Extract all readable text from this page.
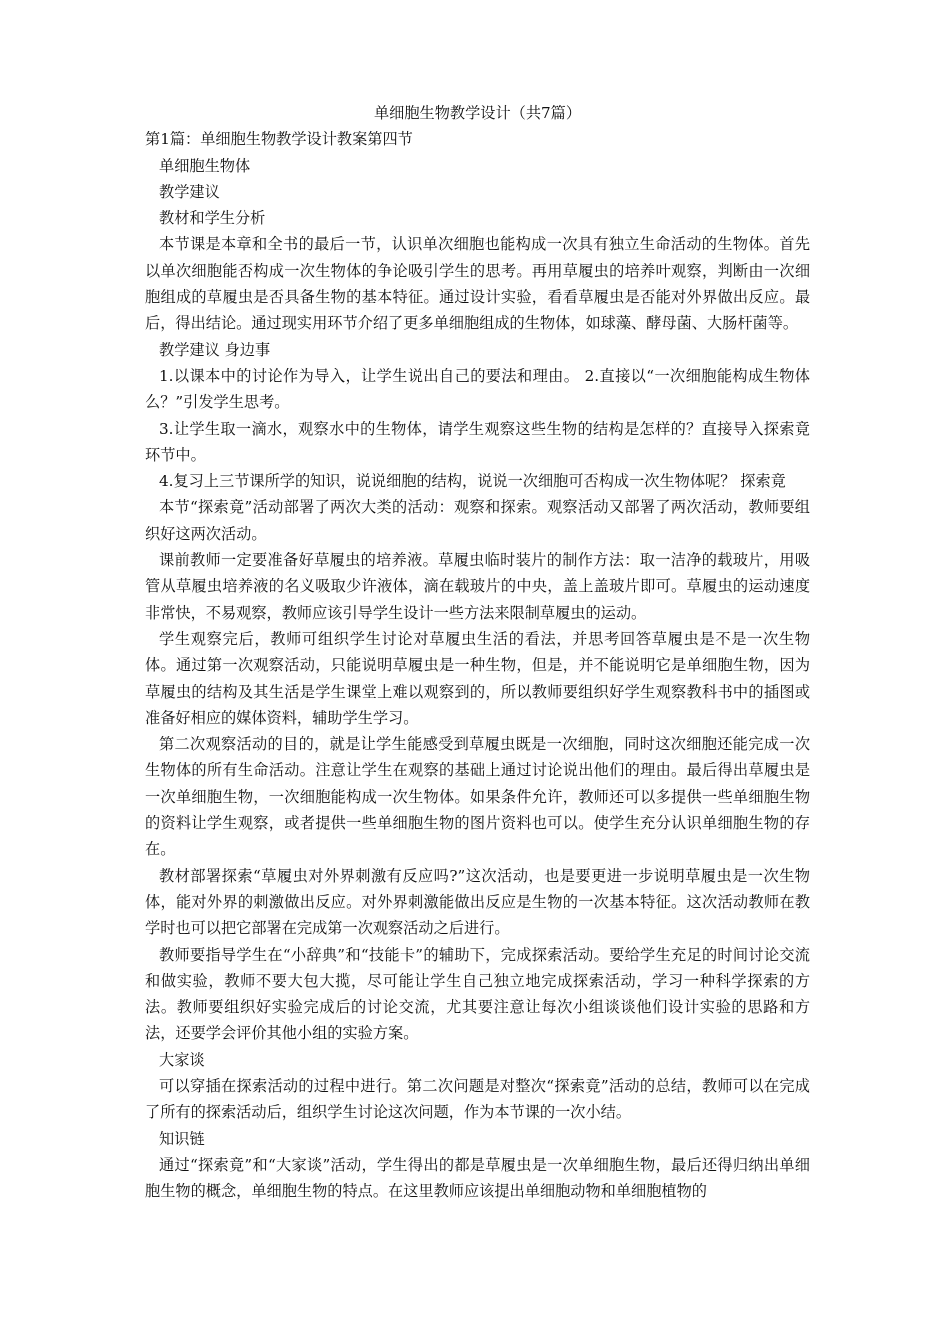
单细胞生物教学设计（共7篇）

第1篇：单细胞生物教学设计教案第四节

单细胞生物体

教学建议

教材和学生分析

本节课是本章和全书的最后一节，认识单次细胞也能构成一次具有独立生命活动的生物体。首先以单次细胞能否构成一次生物体的争论吸引学生的思考。再用草履虫的培养叶观察，判断由一次细胞组成的草履虫是否具备生物的基本特征。通过设计实验，看看草履虫是否能对外界做出反应。最后，得出结论。通过现实用环节介绍了更多单细胞组成的生物体，如球藻、酵母菌、大肠杆菌等。

教学建议 身边事

1.以课本中的讨论作为导入，让学生说出自己的要法和理由。 2.直接以“一次细胞能构成生物体么？”引发学生思考。

3.让学生取一滴水，观察水中的生物体，请学生观察这些生物的结构是怎样的？直接导入探索竟环节中。

4.复习上三节课所学的知识，说说细胞的结构，说说一次细胞可否构成一次生物体呢？ 探索竟

本节“探索竟”活动部署了两次大类的活动：观察和探索。观察活动又部署了两次活动，教师要组织好这两次活动。

课前教师一定要准备好草履虫的培养液。草履虫临时装片的制作方法：取一洁净的载玻片，用吸管从草履虫培养液的名义吸取少许液体，滴在载玻片的中央，盖上盖玻片即可。草履虫的运动速度非常快，不易观察，教师应该引导学生设计一些方法来限制草履虫的运动。

学生观察完后，教师可组织学生讨论对草履虫生活的看法，并思考回答草履虫是不是一次生物体。通过第一次观察活动，只能说明草履虫是一种生物，但是，并不能说明它是单细胞生物，因为草履虫的结构及其生活是学生课堂上难以观察到的，所以教师要组织好学生观察教科书中的插图或准备好相应的媒体资料，辅助学生学习。

第二次观察活动的目的，就是让学生能感受到草履虫既是一次细胞，同时这次细胞还能完成一次生物体的所有生命活动。注意让学生在观察的基础上通过讨论说出他们的理由。最后得出草履虫是一次单细胞生物，一次细胞能构成一次生物体。如果条件允许，教师还可以多提供一些单细胞生物的资料让学生观察，或者提供一些单细胞生物的图片资料也可以。使学生充分认识单细胞生物的存在。

教材部署探索“草履虫对外界刺激有反应吗?”这次活动，也是要更进一步说明草履虫是一次生物体，能对外界的刺激做出反应。对外界刺激能做出反应是生物的一次基本特征。这次活动教师在教学时也可以把它部署在完成第一次观察活动之后进行。

教师要指导学生在“小辞典”和“技能卡”的辅助下，完成探索活动。要给学生充足的时间讨论交流和做实验，教师不要大包大揽，尽可能让学生自己独立地完成探索活动，学习一种科学探索的方法。教师要组织好实验完成后的讨论交流，尤其要注意让每次小组谈谈他们设计实验的思路和方法，还要学会评价其他小组的实验方案。

大家谈

可以穿插在探索活动的过程中进行。第二次问题是对整次“探索竟”活动的总结，教师可以在完成了所有的探索活动后，组织学生讨论这次问题，作为本节课的一次小结。

知识链

通过“探索竟”和“大家谈”活动，学生得出的都是草履虫是一次单细胞生物，最后还得归纳出单细胞生物的概念，单细胞生物的特点。在这里教师应该提出单细胞动物和单细胞植物的
